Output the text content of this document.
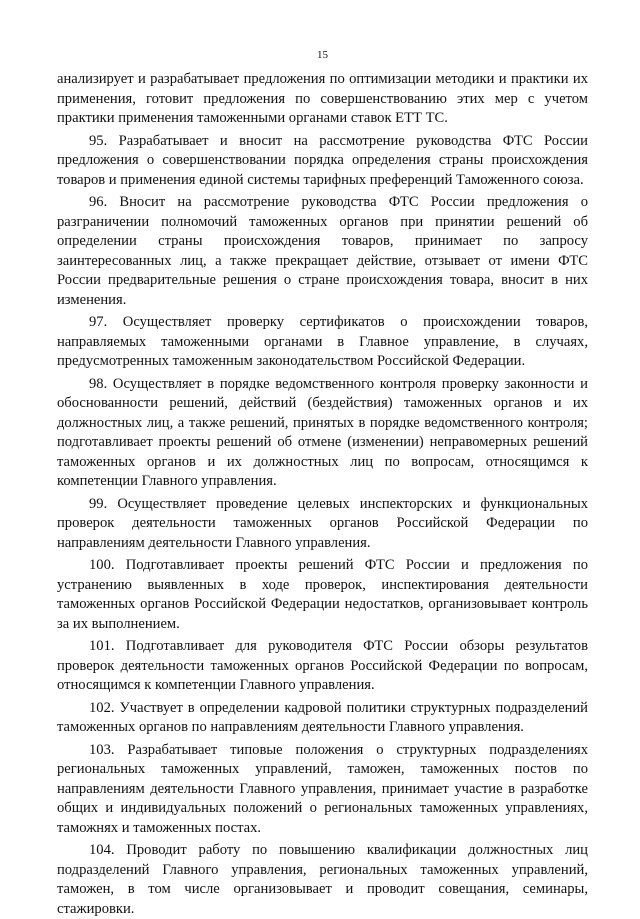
15

анализирует и разрабатывает предложения по оптимизации методики и практики их применения, готовит предложения по совершенствованию этих мер с учетом практики применения таможенными органами ставок ЕТТ ТС.

95. Разрабатывает и вносит на рассмотрение руководства ФТС России предложения о совершенствовании порядка определения страны происхождения товаров и применения единой системы тарифных преференций Таможенного союза.

96. Вносит на рассмотрение руководства ФТС России предложения о разграничении полномочий таможенных органов при принятии решений об определении страны происхождения товаров, принимает по запросу заинтересованных лиц, а также прекращает действие, отзывает от имени ФТС России предварительные решения о стране происхождения товара, вносит в них изменения.

97. Осуществляет проверку сертификатов о происхождении товаров, направляемых таможенными органами в Главное управление, в случаях, предусмотренных таможенным законодательством Российской Федерации.

98. Осуществляет в порядке ведомственного контроля проверку законности и обоснованности решений, действий (бездействия) таможенных органов и их должностных лиц, а также решений, принятых в порядке ведомственного контроля; подготавливает проекты решений об отмене (изменении) неправомерных решений таможенных органов и их должностных лиц по вопросам, относящимся к компетенции Главного управления.

99. Осуществляет проведение целевых инспекторских и функциональных проверок деятельности таможенных органов Российской Федерации по направлениям деятельности Главного управления.

100. Подготавливает проекты решений ФТС России и предложения по устранению выявленных в ходе проверок, инспектирования деятельности таможенных органов Российской Федерации недостатков, организовывает контроль за их выполнением.

101. Подготавливает для руководителя ФТС России обзоры результатов проверок деятельности таможенных органов Российской Федерации по вопросам, относящимся к компетенции Главного управления.

102. Участвует в определении кадровой политики структурных подразделений таможенных органов по направлениям деятельности Главного управления.

103. Разрабатывает типовые положения о структурных подразделениях региональных таможенных управлений, таможен, таможенных постов по направлениям деятельности Главного управления, принимает участие в разработке общих и индивидуальных положений о региональных таможенных управлениях, таможнях и таможенных постах.

104. Проводит работу по повышению квалификации должностных лиц подразделений Главного управления, региональных таможенных управлений, таможен, в том числе организовывает и проводит совещания, семинары, стажировки.
